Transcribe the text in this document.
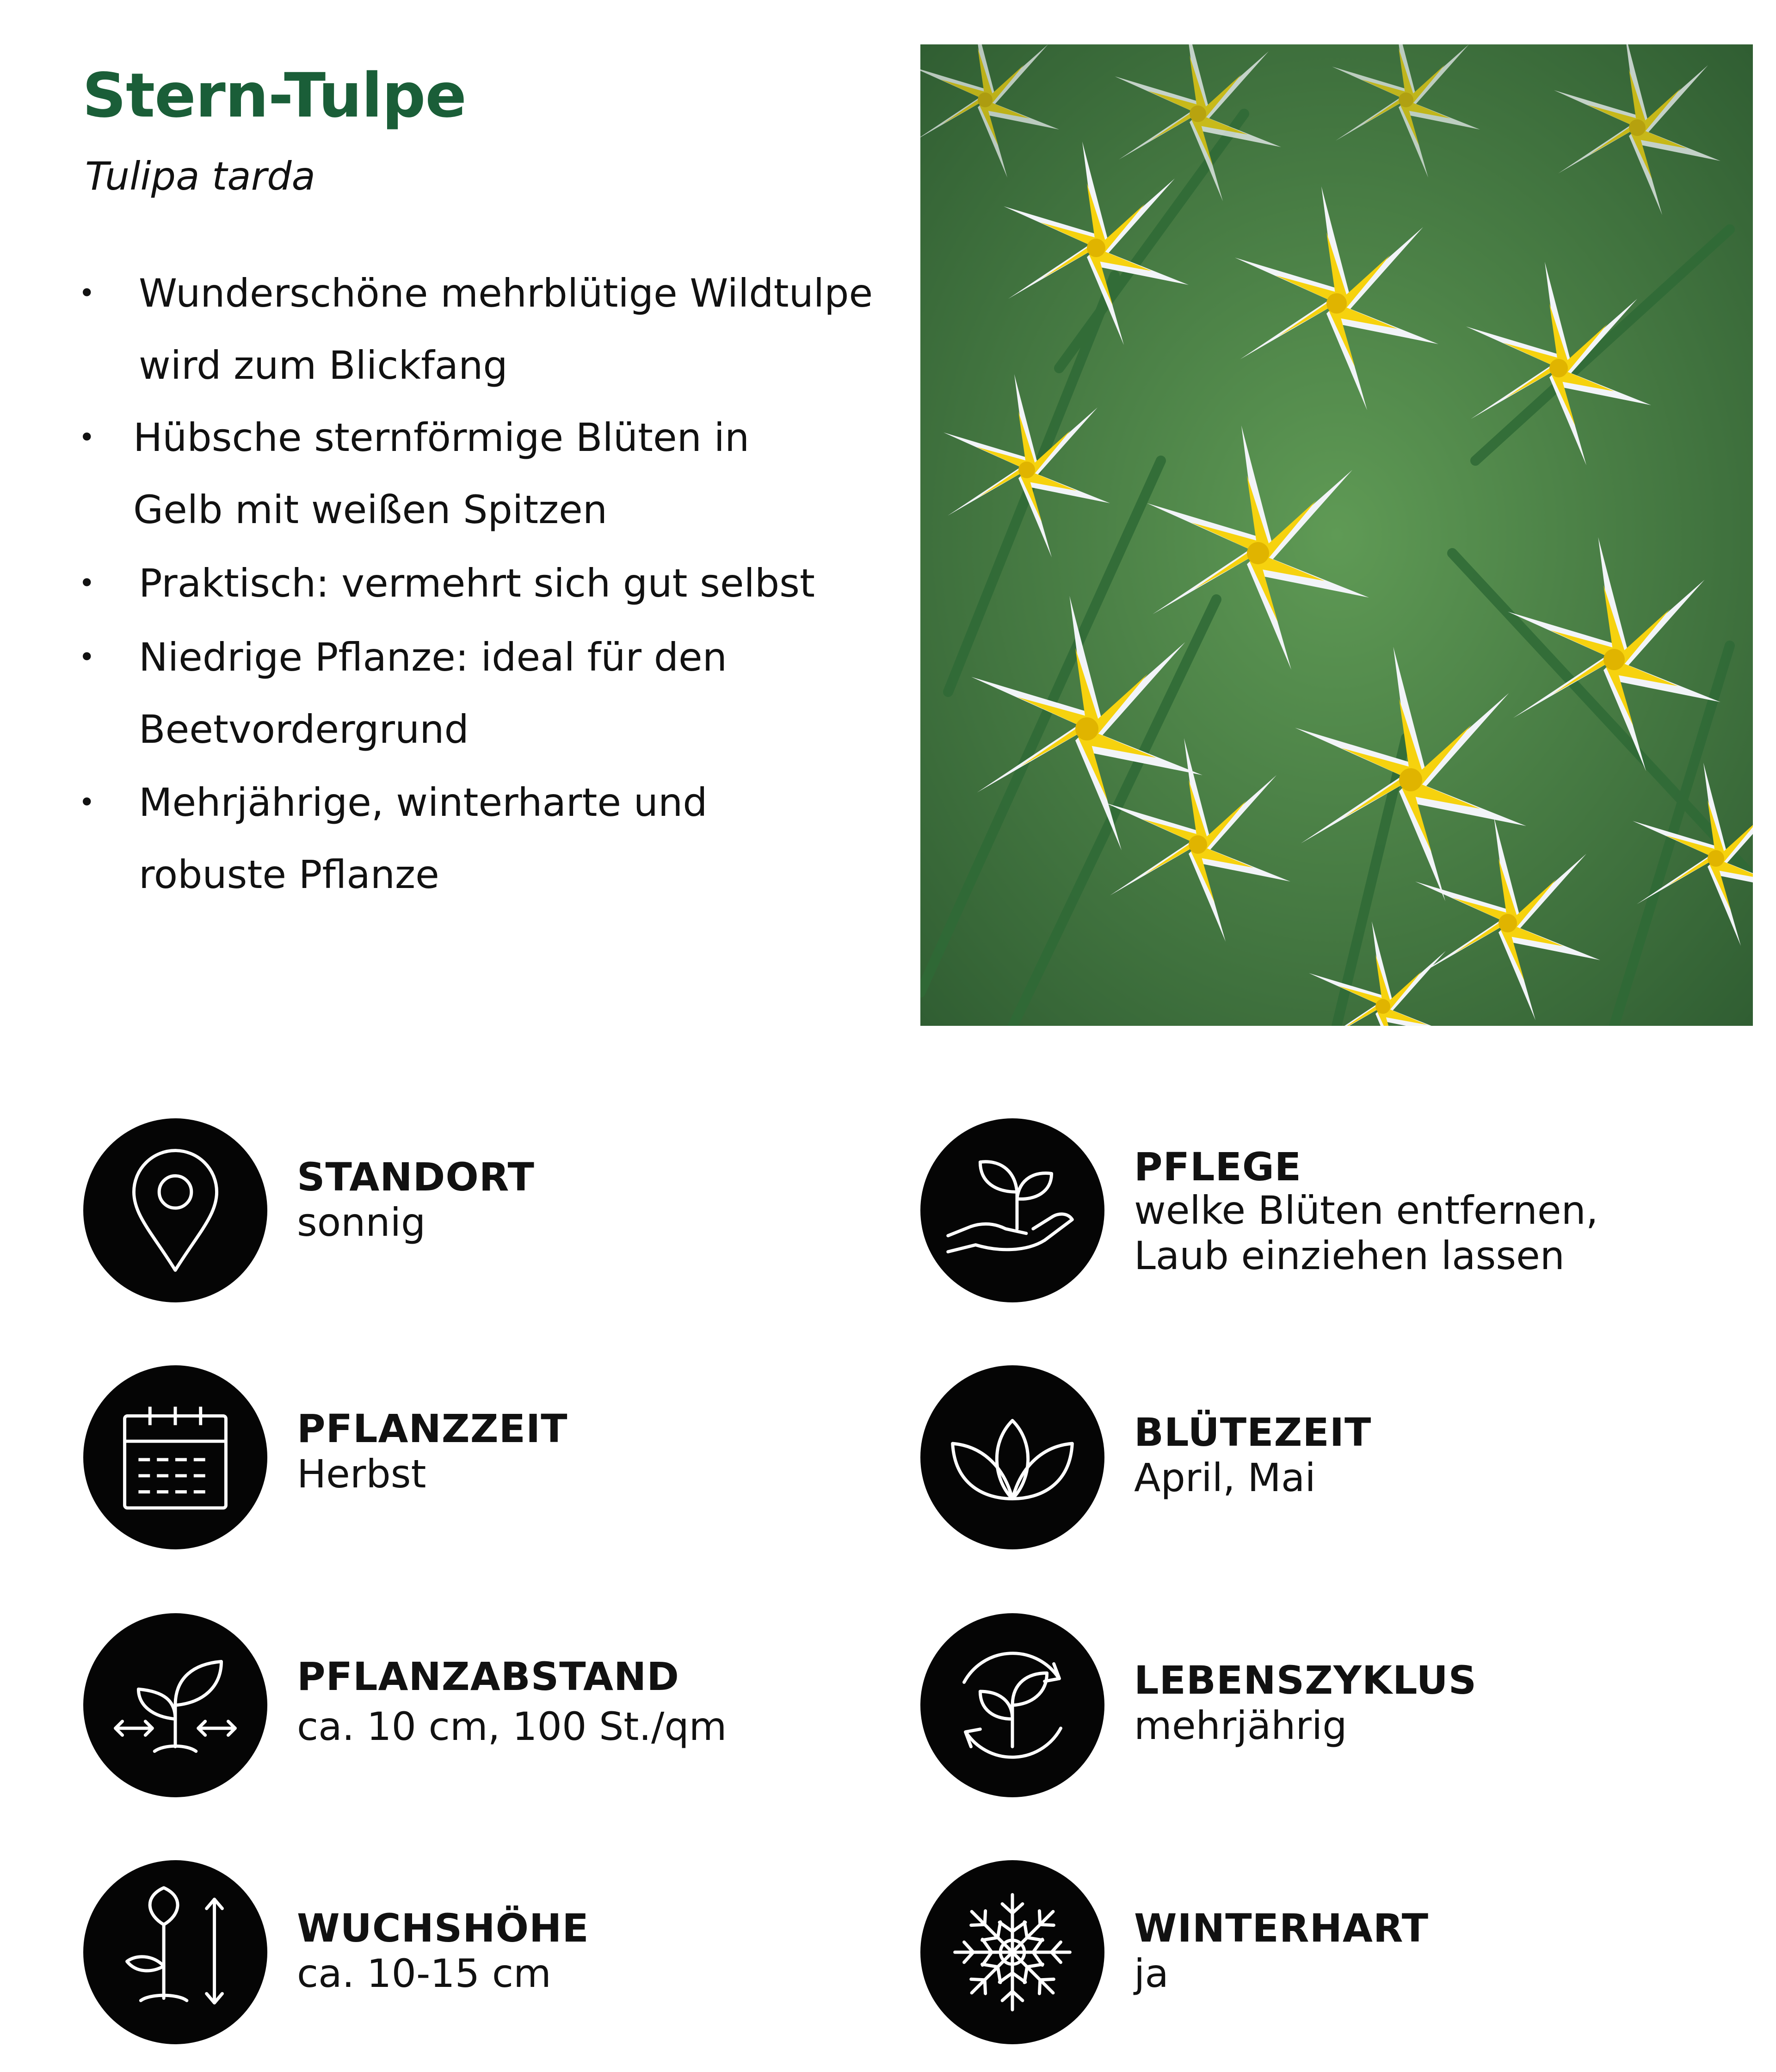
Stern-Tulpe

Tulipa tarda

• Wunderschöne mehrblütige Wildtulpe
wird zum Blickfang
• Hübsche sternförmige Blüten in
Gelb mit weißen Spitzen
• Praktisch: vermehrt sich gut selbst
• Niedrige Pflanze: ideal für den
Beetvordergrund
• Mehrjährige, winterharte und
robuste Pflanze
STANDORT
sonnig
PFLANZZEIT
Herbst
PFLANZABSTAND
ca. 10 cm, 100 St./qm
WUCHSHÖHE
ca. 10-15 cm
PFLEGE
welke Blüten entfernen,
Laub einziehen lassen
BLÜTEZEIT
April, Mai
LEBENSZYKLUS
mehrjährig
WINTERHART
ja
